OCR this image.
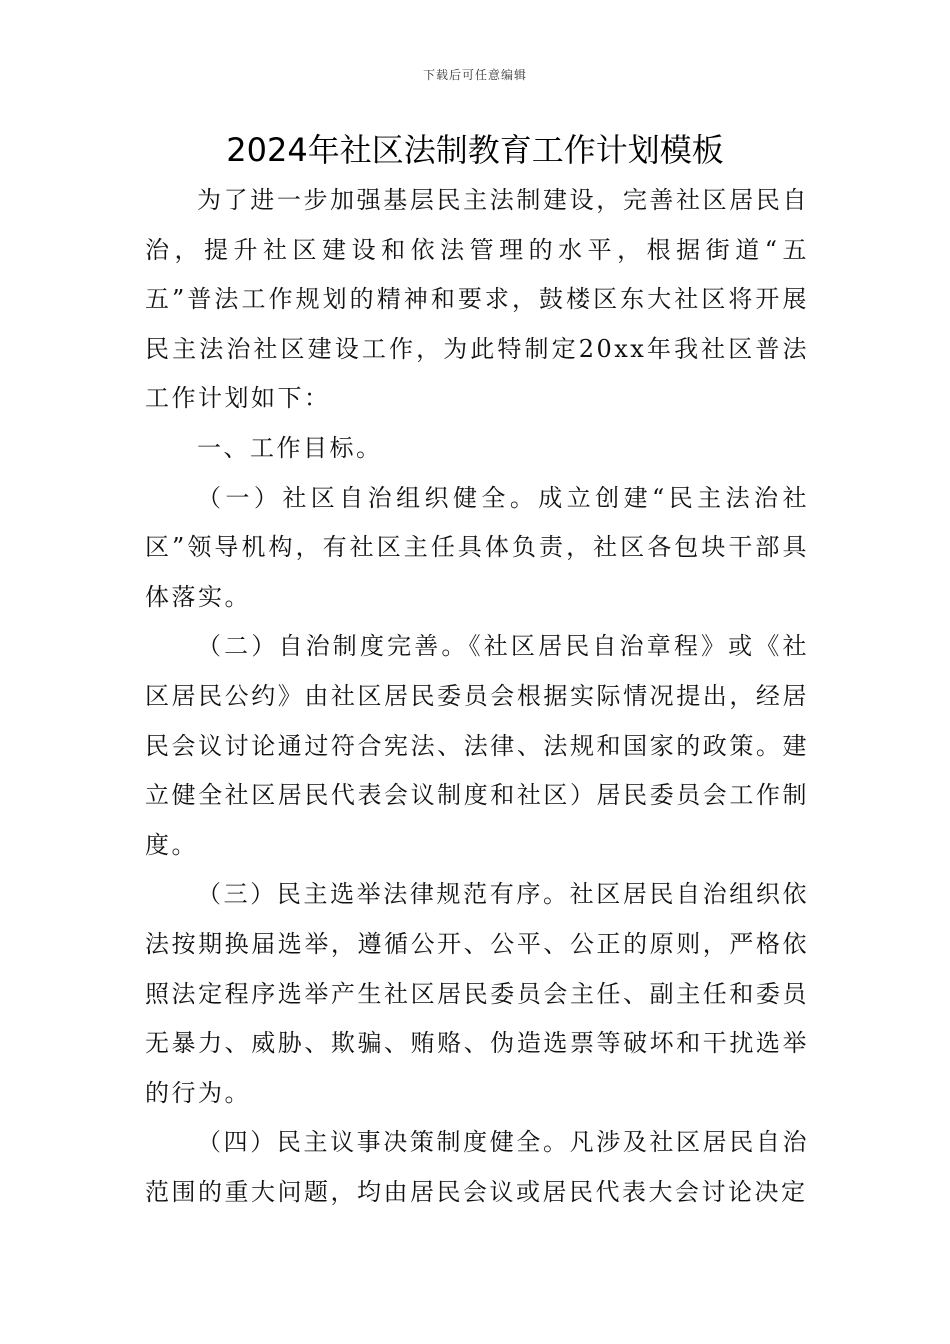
下载后可任意编辑
2024年社区法制教育工作计划模板

为了进一步加强基层民主法制建设，完善社区居民自治，提升社区建设和依法管理的水平，根据街道“五五”普法工作规划的精神和要求，鼓楼区东大社区将开展民主法治社区建设工作，为此特制定20xx年我社区普法工作计划如下：

一、工作目标。

（一）社区自治组织健全。成立创建“民主法治社区”领导机构，有社区主任具体负责，社区各包块干部具体落实。

（二）自治制度完善。《社区居民自治章程》或《社区居民公约》由社区居民委员会根据实际情况提出，经居民会议讨论通过符合宪法、法律、法规和国家的政策。建立健全社区居民代表会议制度和社区）居民委员会工作制度。

（三）民主选举法律规范有序。社区居民自治组织依法按期换届选举，遵循公开、公平、公正的原则，严格依照法定程序选举产生社区居民委员会主任、副主任和委员无暴力、威胁、欺骗、贿赂、伪造选票等破坏和干扰选举的行为。

（四）民主议事决策制度健全。凡涉及社区居民自治范围的重大问题，均由居民会议或居民代表大会讨论决定
